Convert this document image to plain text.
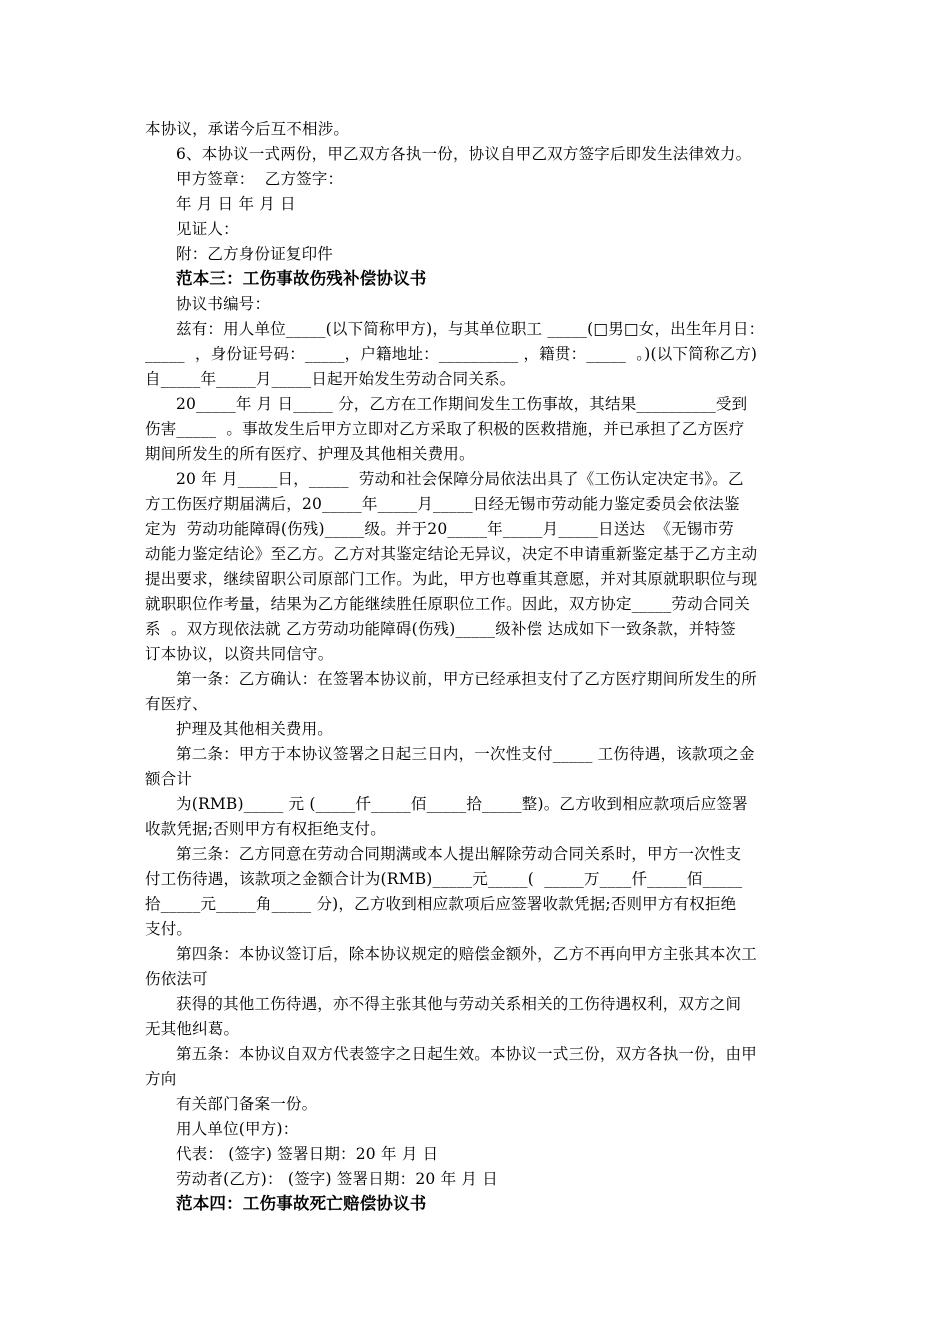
本协议，承诺今后互不相涉。
6、本协议一式两份，甲乙双方各执一份，协议自甲乙双方签字后即发生法律效力。
甲方签章：  乙方签字：
年 月 日 年 月 日
见证人：
附：乙方身份证复印件
范本三：工伤事故伤残补偿协议书
协议书编号：
兹有：用人单位_____(以下简称甲方)，与其单位职工 _____(□男□女，出生年月日：
_____  ，身份证号码：_____，户籍地址：__________ ，籍贯：_____  。)(以下简称乙方)
自_____年_____月_____日起开始发生劳动合同关系。
20_____年 月 日_____ 分，乙方在工作期间发生工伤事故，其结果__________受到
伤害_____  。事故发生后甲方立即对乙方采取了积极的医救措施，并已承担了乙方医疗
期间所发生的所有医疗、护理及其他相关费用。
20 年 月_____日，_____  劳动和社会保障分局依法出具了《工伤认定决定书》。乙
方工伤医疗期届满后，20_____年_____月_____日经无锡市劳动能力鉴定委员会依法鉴
定为  劳动功能障碍(伤残)_____级。并于20_____年_____月_____日送达  《无锡市劳
动能力鉴定结论》至乙方。乙方对其鉴定结论无异议，决定不申请重新鉴定基于乙方主动
提出要求，继续留职公司原部门工作。为此，甲方也尊重其意愿，并对其原就职职位与现
就职职位作考量，结果为乙方能继续胜任原职位工作。因此，双方协定_____劳动合同关
系  。双方现依法就 乙方劳动功能障碍(伤残)_____级补偿 达成如下一致条款，并特签
订本协议，以资共同信守。
第一条：乙方确认：在签署本协议前，甲方已经承担支付了乙方医疗期间所发生的所
有医疗、
护理及其他相关费用。
第二条：甲方于本协议签署之日起三日内，一次性支付_____ 工伤待遇，该款项之金
额合计
为(RMB)_____ 元 (_____仟_____佰_____拾_____整)。乙方收到相应款项后应签署
收款凭据;否则甲方有权拒绝支付。
第三条：乙方同意在劳动合同期满或本人提出解除劳动合同关系时，甲方一次性支
付工伤待遇，该款项之金额合计为(RMB)_____元_____(  _____万____仟_____佰_____
拾_____元_____角_____ 分)，乙方收到相应款项后应签署收款凭据;否则甲方有权拒绝
支付。
第四条：本协议签订后，除本协议规定的赔偿金额外，乙方不再向甲方主张其本次工
伤依法可
获得的其他工伤待遇，亦不得主张其他与劳动关系相关的工伤待遇权利，双方之间
无其他纠葛。
第五条：本协议自双方代表签字之日起生效。本协议一式三份，双方各执一份，由甲
方向
有关部门备案一份。
用人单位(甲方)：
代表： (签字) 签署日期：20 年 月 日
劳动者(乙方)： (签字) 签署日期：20 年 月 日
范本四：工伤事故死亡赔偿协议书
